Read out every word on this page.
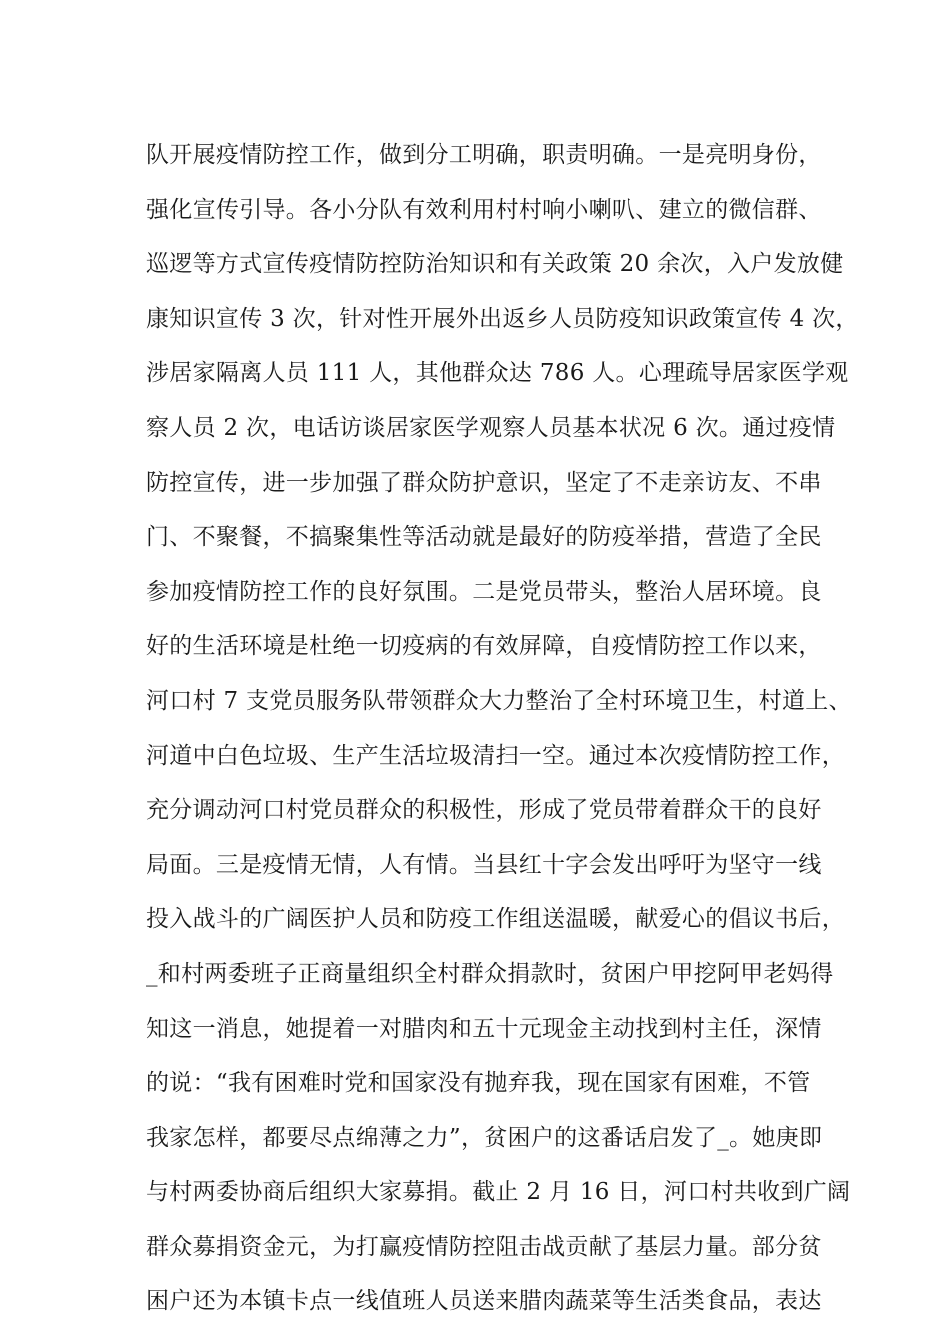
队开展疫情防控工作，做到分工明确，职责明确。一是亮明身份，
强化宣传引导。各小分队有效利用村村响小喇叭、建立的微信群、
巡逻等方式宣传疫情防控防治知识和有关政策 20 余次，入户发放健
康知识宣传 3 次，针对性开展外出返乡人员防疫知识政策宣传 4 次，
涉居家隔离人员 111 人，其他群众达 786 人。心理疏导居家医学观
察人员 2 次，电话访谈居家医学观察人员基本状况 6 次。通过疫情
防控宣传，进一步加强了群众防护意识，坚定了不走亲访友、不串
门、不聚餐，不搞聚集性等活动就是最好的防疫举措，营造了全民
参加疫情防控工作的良好氛围。二是党员带头，整治人居环境。良
好的生活环境是杜绝一切疫病的有效屏障，自疫情防控工作以来，
河口村 7 支党员服务队带领群众大力整治了全村环境卫生，村道上、
河道中白色垃圾、生产生活垃圾清扫一空。通过本次疫情防控工作，
充分调动河口村党员群众的积极性，形成了党员带着群众干的良好
局面。三是疫情无情，人有情。当县红十字会发出呼吁为坚守一线
投入战斗的广阔医护人员和防疫工作组送温暖，献爱心的倡议书后，
_和村两委班子正商量组织全村群众捐款时，贫困户甲挖阿甲老妈得
知这一消息，她提着一对腊肉和五十元现金主动找到村主任，深情
的说：“我有困难时党和国家没有抛弃我，现在国家有困难，不管
我家怎样，都要尽点绵薄之力”，贫困户的这番话启发了_。她庚即
与村两委协商后组织大家募捐。截止 2 月 16 日，河口村共收到广阔
群众募捐资金元，为打赢疫情防控阻击战贡献了基层力量。部分贫
困户还为本镇卡点一线值班人员送来腊肉蔬菜等生活类食品，表达
